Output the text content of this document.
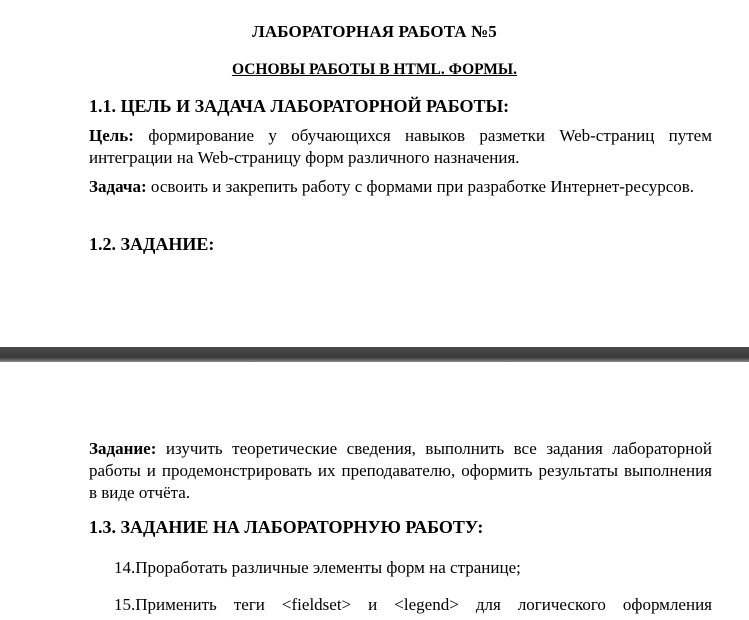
ЛАБОРАТОРНАЯ РАБОТА №5
ОСНОВЫ РАБОТЫ В HTML. ФОРМЫ.
1.1. ЦЕЛЬ И ЗАДАЧА ЛАБОРАТОРНОЙ РАБОТЫ:
Цель: формирование у обучающихся навыков разметки Web-страниц путем интеграции на Web-страницу форм различного назначения.
Задача: освоить и закрепить работу с формами при разработке Интернет-ресурсов.
1.2. ЗАДАНИЕ:
Задание: изучить теоретические сведения, выполнить все задания лабораторной работы и продемонстрировать их преподавателю, оформить результаты выполнения в виде отчёта.
1.3. ЗАДАНИЕ НА ЛАБОРАТОРНУЮ РАБОТУ:
14.Проработать различные элементы форм на странице;
15.Применить теги <fieldset> и <legend> для логического оформления
